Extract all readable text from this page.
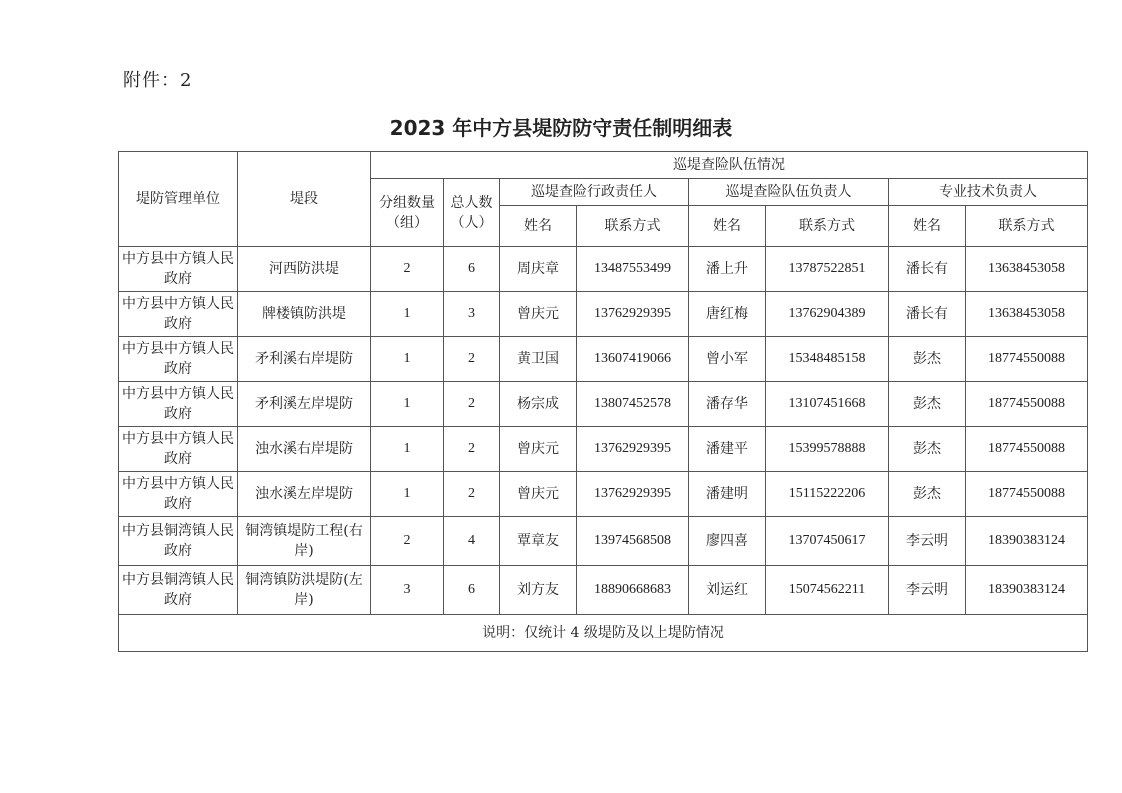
附件：2
2023 年中方县堤防防守责任制明细表
堤防管理单位	堤段	巡堤查险队伍情况							
		分组数量（组）	总人数（人）	巡堤查险行政责任人		巡堤查险队伍负责人		专业技术负责人	
				姓名	联系方式	姓名	联系方式	姓名	联系方式
中方县中方镇人民政府	河西防洪堤	2	6	周庆章	13487553499	潘上升	13787522851	潘长有	13638453058
中方县中方镇人民政府	牌楼镇防洪堤	1	3	曾庆元	13762929395	唐红梅	13762904389	潘长有	13638453058
中方县中方镇人民政府	矛利溪右岸堤防	1	2	黄卫国	13607419066	曾小军	15348485158	彭杰	18774550088
中方县中方镇人民政府	矛利溪左岸堤防	1	2	杨宗成	13807452578	潘存华	13107451668	彭杰	18774550088
中方县中方镇人民政府	浊水溪右岸堤防	1	2	曾庆元	13762929395	潘建平	15399578888	彭杰	18774550088
中方县中方镇人民政府	浊水溪左岸堤防	1	2	曾庆元	13762929395	潘建明	15115222206	彭杰	18774550088
中方县铜湾镇人民政府	铜湾镇堤防工程(右岸)	2	4	覃章友	13974568508	廖四喜	13707450617	李云明	18390383124
中方县铜湾镇人民政府	铜湾镇防洪堤防(左岸)	3	6	刘方友	18890668683	刘运红	15074562211	李云明	18390383124
说明：仅统计 4 级堤防及以上堤防情况									
